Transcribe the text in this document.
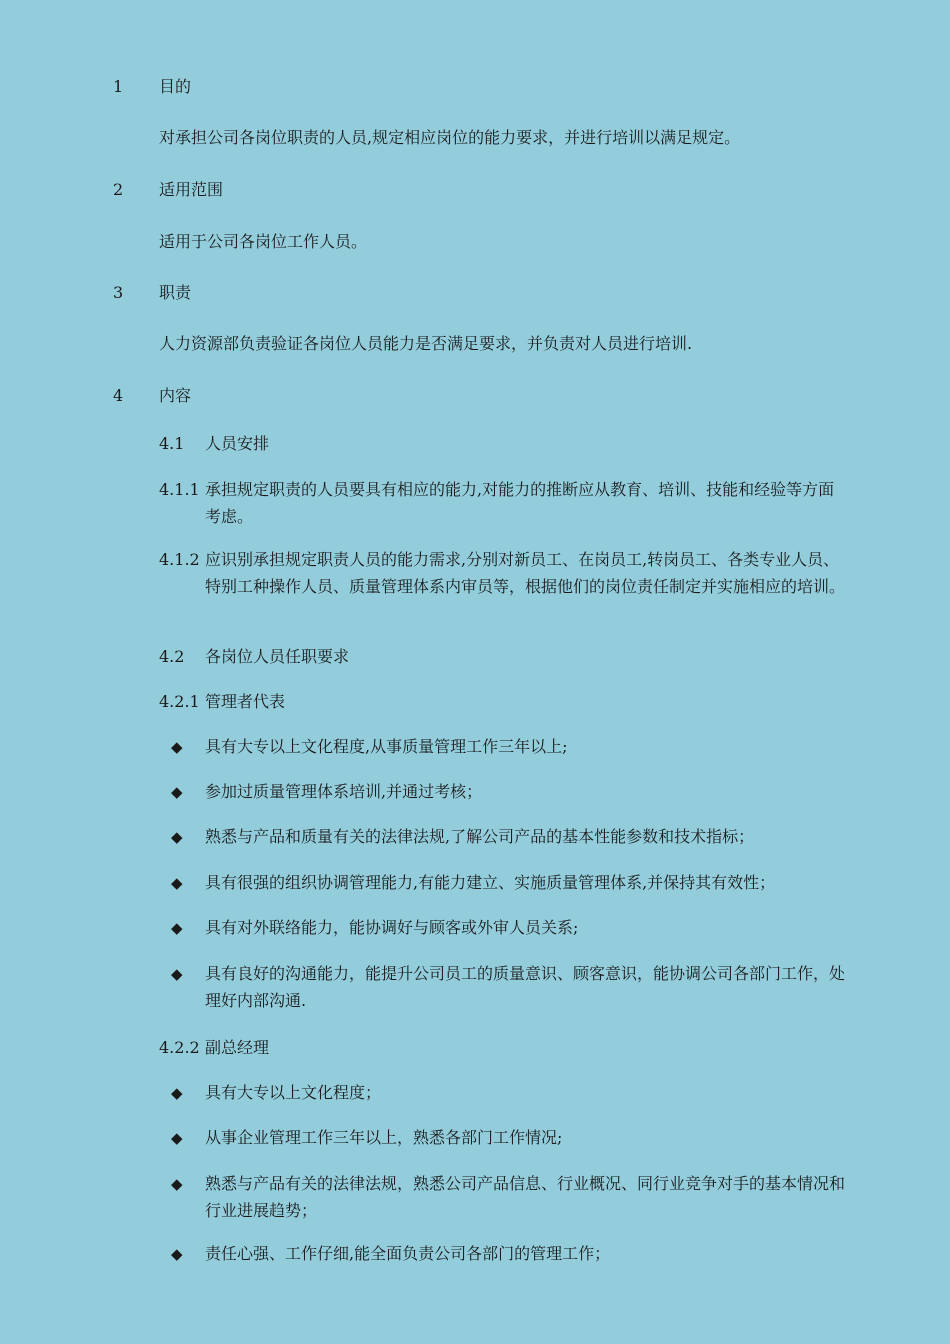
1 目的
对承担公司各岗位职责的人员,规定相应岗位的能力要求，并进行培训以满足规定。
2 适用范围
适用于公司各岗位工作人员。
3 职责
人力资源部负责验证各岗位人员能力是否满足要求，并负责对人员进行培训.
4 内容
4.1 人员安排
4.1.1 承担规定职责的人员要具有相应的能力,对能力的推断应从教育、培训、技能和经验等方面考虑。
4.1.2 应识别承担规定职责人员的能力需求,分别对新员工、在岗员工,转岗员工、各类专业人员、特别工种操作人员、质量管理体系内审员等，根据他们的岗位责任制定并实施相应的培训。
4.2 各岗位人员任职要求
4.2.1 管理者代表
◆ 具有大专以上文化程度,从事质量管理工作三年以上;
◆ 参加过质量管理体系培训,并通过考核；
◆ 熟悉与产品和质量有关的法律法规,了解公司产品的基本性能参数和技术指标；
◆ 具有很强的组织协调管理能力,有能力建立、实施质量管理体系,并保持其有效性；
◆ 具有对外联络能力，能协调好与顾客或外审人员关系;
◆ 具有良好的沟通能力，能提升公司员工的质量意识、顾客意识，能协调公司各部门工作，处理好内部沟通.
4.2.2 副总经理
◆ 具有大专以上文化程度；
◆ 从事企业管理工作三年以上，熟悉各部门工作情况;
◆ 熟悉与产品有关的法律法规，熟悉公司产品信息、行业概况、同行业竞争对手的基本情况和行业进展趋势；
◆ 责任心强、工作仔细,能全面负责公司各部门的管理工作；
